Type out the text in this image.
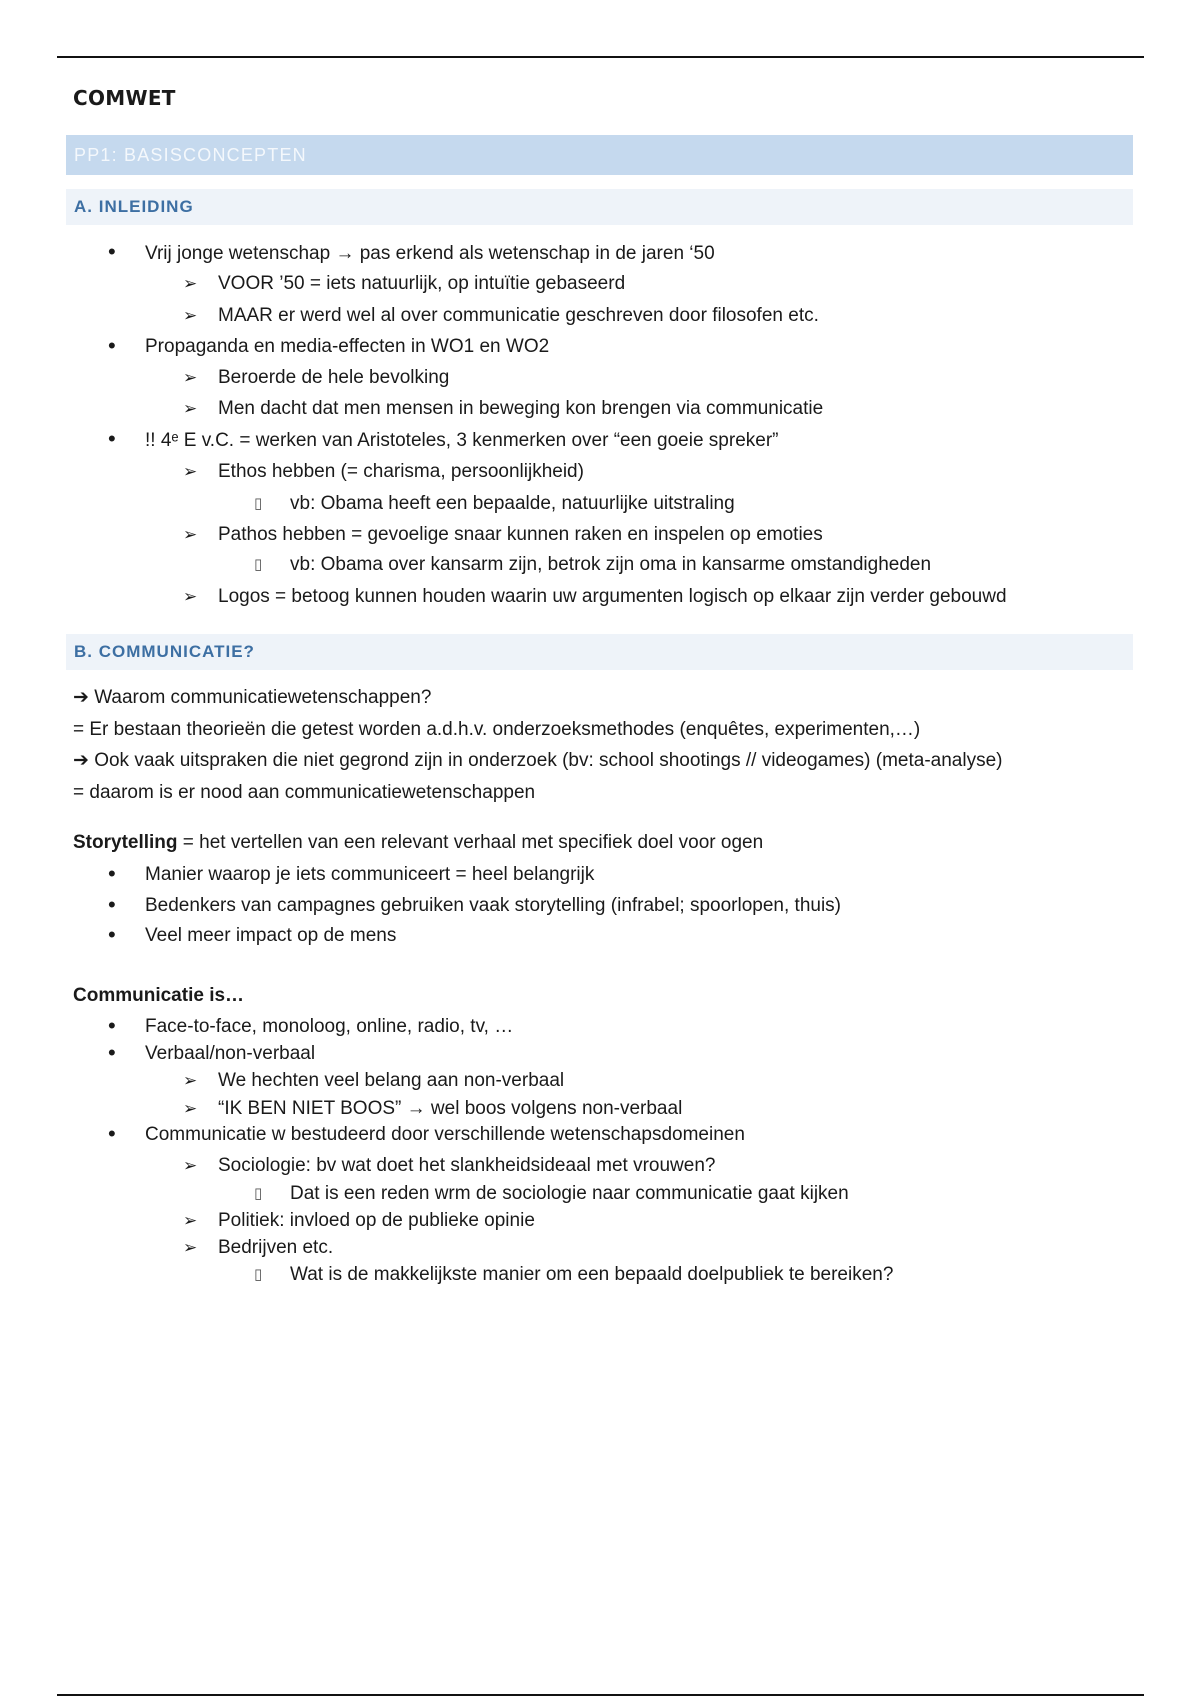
COMWET
PP1: BASISCONCEPTEN
A. INLEIDING
• Vrij jonge wetenschap → pas erkend als wetenschap in de jaren ‘50
➢ VOOR ’50 = iets natuurlijk, op intuïtie gebaseerd
➢ MAAR er werd wel al over communicatie geschreven door filosofen etc.
• Propaganda en media-effecten in WO1 en WO2
➢ Beroerde de hele bevolking
➢ Men dacht dat men mensen in beweging kon brengen via communicatie
• !! 4ᵉ E v.C. = werken van Aristoteles, 3 kenmerken over “een goeie spreker”
➢ Ethos hebben (= charisma, persoonlijkheid)
▯ vb: Obama heeft een bepaalde, natuurlijke uitstraling
➢ Pathos hebben = gevoelige snaar kunnen raken en inspelen op emoties
▯ vb: Obama over kansarm zijn, betrok zijn oma in kansarme omstandigheden
➢ Logos = betoog kunnen houden waarin uw argumenten logisch op elkaar zijn verder gebouwd
B. COMMUNICATIE?
➔ Waarom communicatiewetenschappen?
= Er bestaan theorieën die getest worden a.d.h.v. onderzoeksmethodes (enquêtes, experimenten,…)
➔ Ook vaak uitspraken die niet gegrond zijn in onderzoek (bv: school shootings // videogames) (meta-analyse)
= daarom is er nood aan communicatiewetenschappen
Storytelling = het vertellen van een relevant verhaal met specifiek doel voor ogen
• Manier waarop je iets communiceert = heel belangrijk
• Bedenkers van campagnes gebruiken vaak storytelling (infrabel; spoorlopen, thuis)
• Veel meer impact op de mens
Communicatie is…
• Face-to-face, monoloog, online, radio, tv, …
• Verbaal/non-verbaal
➢ We hechten veel belang aan non-verbaal
➢ “IK BEN NIET BOOS” → wel boos volgens non-verbaal
• Communicatie w bestudeerd door verschillende wetenschapsdomeinen
➢ Sociologie: bv wat doet het slankheidsideaal met vrouwen?
▯ Dat is een reden wrm de sociologie naar communicatie gaat kijken
➢ Politiek: invloed op de publieke opinie
➢ Bedrijven etc.
▯ Wat is de makkelijkste manier om een bepaald doelpubliek te bereiken?
